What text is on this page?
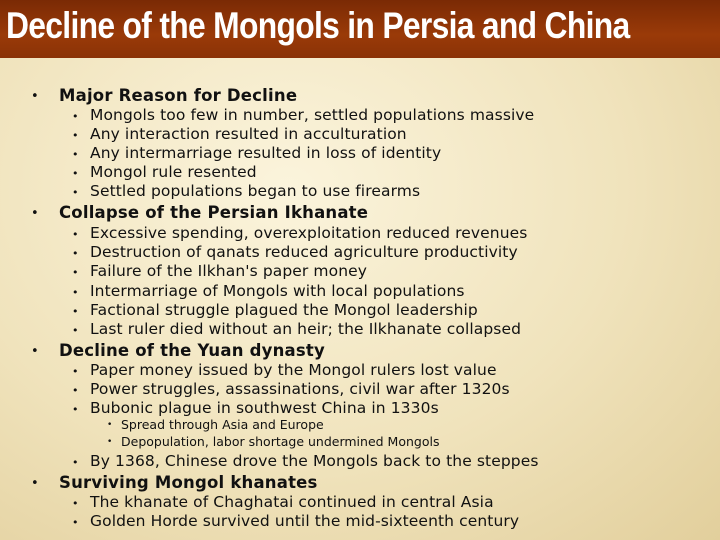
Decline of the Mongols in Persia and China
• Major Reason for Decline
• Mongols too few in number, settled populations massive
• Any interaction resulted in acculturation
• Any intermarriage resulted in loss of identity
• Mongol rule resented
• Settled populations began to use firearms
• Collapse of the Persian Ikhanate
• Excessive spending, overexploitation reduced revenues
• Destruction of qanats reduced agriculture productivity
• Failure of the Ilkhan's paper money
• Intermarriage of Mongols with local populations
• Factional struggle plagued the Mongol leadership
• Last ruler died without an heir; the Ilkhanate collapsed
• Decline of the Yuan dynasty
• Paper money issued by the Mongol rulers lost value
• Power struggles, assassinations, civil war after 1320s
• Bubonic plague in southwest China in 1330s
• Spread through Asia and Europe
• Depopulation, labor shortage undermined Mongols
• By 1368, Chinese drove the Mongols back to the steppes
• Surviving Mongol khanates
• The khanate of Chaghatai continued in central Asia
• Golden Horde survived until the mid-sixteenth century
